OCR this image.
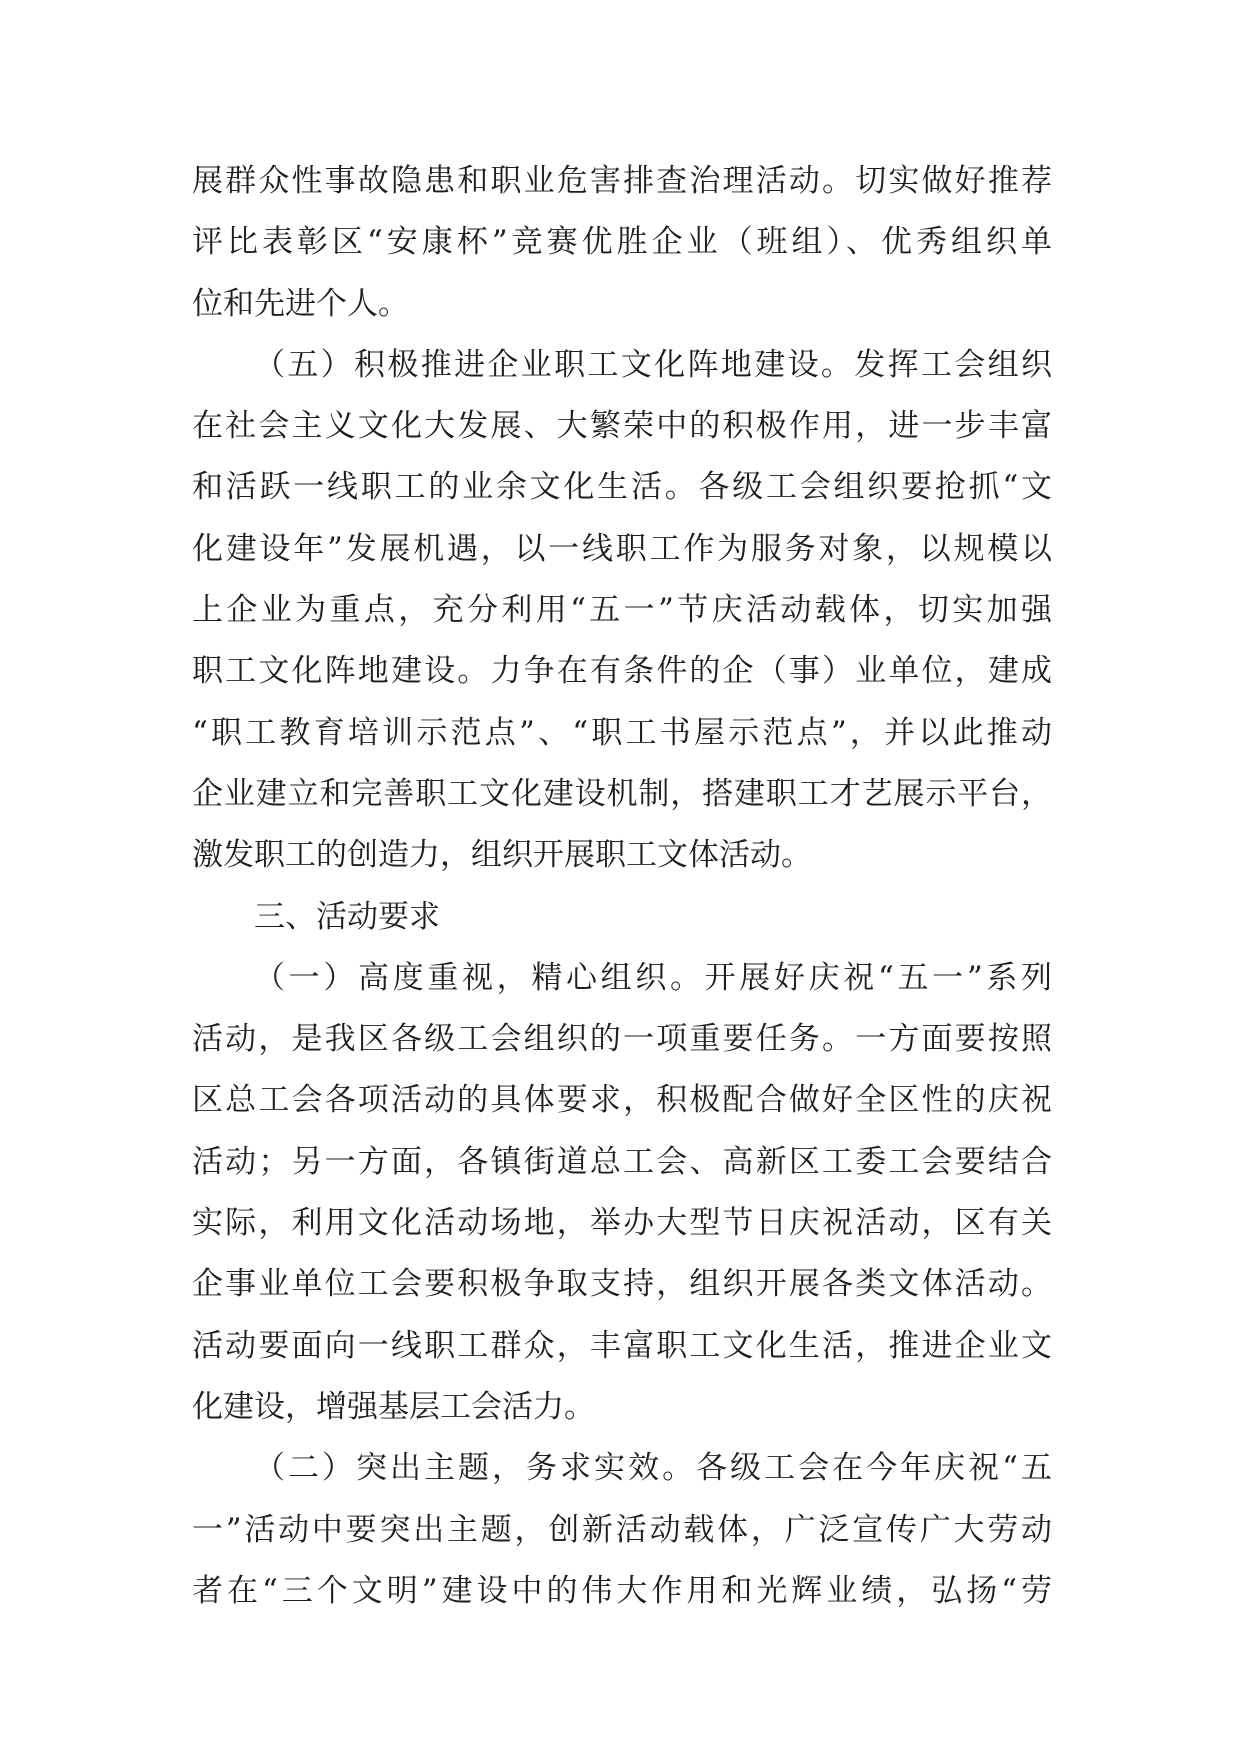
展群众性事故隐患和职业危害排查治理活动。切实做好推荐
评比表彰区“安康杯”竞赛优胜企业（班组）、优秀组织单
位和先进个人。
（五）积极推进企业职工文化阵地建设。发挥工会组织
在社会主义文化大发展、大繁荣中的积极作用，进一步丰富
和活跃一线职工的业余文化生活。各级工会组织要抢抓“文
化建设年”发展机遇，以一线职工作为服务对象，以规模以
上企业为重点，充分利用“五一”节庆活动载体，切实加强
职工文化阵地建设。力争在有条件的企（事）业单位，建成
“职工教育培训示范点”、“职工书屋示范点”，并以此推动
企业建立和完善职工文化建设机制，搭建职工才艺展示平台，
激发职工的创造力，组织开展职工文体活动。
三、活动要求
（一）高度重视，精心组织。开展好庆祝“五一”系列
活动，是我区各级工会组织的一项重要任务。一方面要按照
区总工会各项活动的具体要求，积极配合做好全区性的庆祝
活动；另一方面，各镇街道总工会、高新区工委工会要结合
实际，利用文化活动场地，举办大型节日庆祝活动，区有关
企事业单位工会要积极争取支持，组织开展各类文体活动。
活动要面向一线职工群众，丰富职工文化生活，推进企业文
化建设，增强基层工会活力。
（二）突出主题，务求实效。各级工会在今年庆祝“五
一”活动中要突出主题，创新活动载体，广泛宣传广大劳动
者在“三个文明”建设中的伟大作用和光辉业绩，弘扬“劳
